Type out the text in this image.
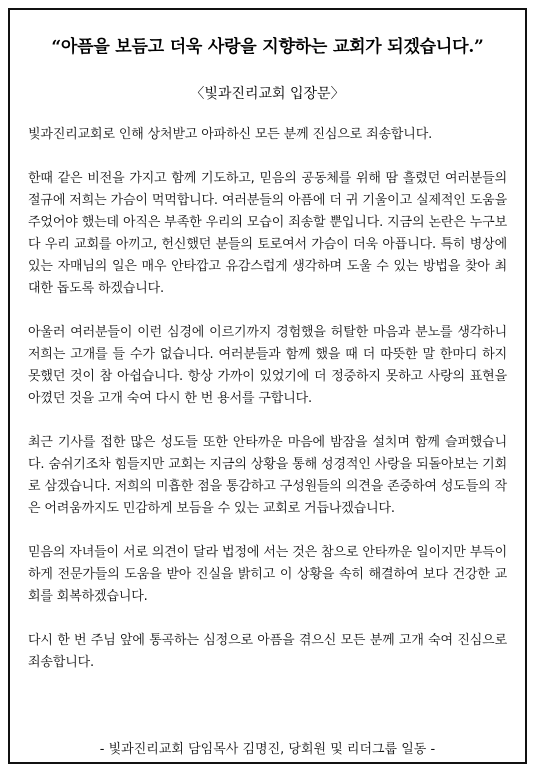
“아픔을 보듬고 더욱 사랑을 지향하는 교회가 되겠습니다.”
〈빛과진리교회 입장문〉

빛과진리교회로 인해 상처받고 아파하신 모든 분께 진심으로 죄송합니다.

한때 같은 비전을 가지고 함께 기도하고, 믿음의 공동체를 위해 땀 흘렸던 여러분들의 절규에 저희는 가슴이 먹먹합니다. 여러분들의 아픔에 더 귀 기울이고 실제적인 도움을 주었어야 했는데 아직은 부족한 우리의 모습이 죄송할 뿐입니다. 지금의 논란은 누구보다 우리 교회를 아끼고, 헌신했던 분들의 토로여서 가슴이 더욱 아픕니다. 특히 병상에 있는 자매님의 일은 매우 안타깝고 유감스럽게 생각하며 도울 수 있는 방법을 찾아 최대한 돕도록 하겠습니다.

아울러 여러분들이 이런 심경에 이르기까지 경험했을 허탈한 마음과 분노를 생각하니 저희는 고개를 들 수가 없습니다. 여러분들과 함께 했을 때 더 따뜻한 말 한마디 하지 못했던 것이 참 아쉽습니다. 항상 가까이 있었기에 더 정중하지 못하고 사랑의 표현을 아꼈던 것을 고개 숙여 다시 한 번 용서를 구합니다.

최근 기사를 접한 많은 성도들 또한 안타까운 마음에 밤잠을 설치며 함께 슬퍼했습니다. 숨쉬기조차 힘들지만 교회는 지금의 상황을 통해 성경적인 사랑을 되돌아보는 기회로 삼겠습니다. 저희의 미흡한 점을 통감하고 구성원들의 의견을 존중하여 성도들의 작은 어려움까지도 민감하게 보듬을 수 있는 교회로 거듭나겠습니다.

믿음의 자녀들이 서로 의견이 달라 법정에 서는 것은 참으로 안타까운 일이지만 부득이하게 전문가들의 도움을 받아 진실을 밝히고 이 상황을 속히 해결하여 보다 건강한 교회를 회복하겠습니다.

다시 한 번 주님 앞에 통곡하는 심정으로 아픔을 겪으신 모든 분께 고개 숙여 진심으로 죄송합니다.

- 빛과진리교회 담임목사 김명진, 당회원 및 리더그룹 일동 -
